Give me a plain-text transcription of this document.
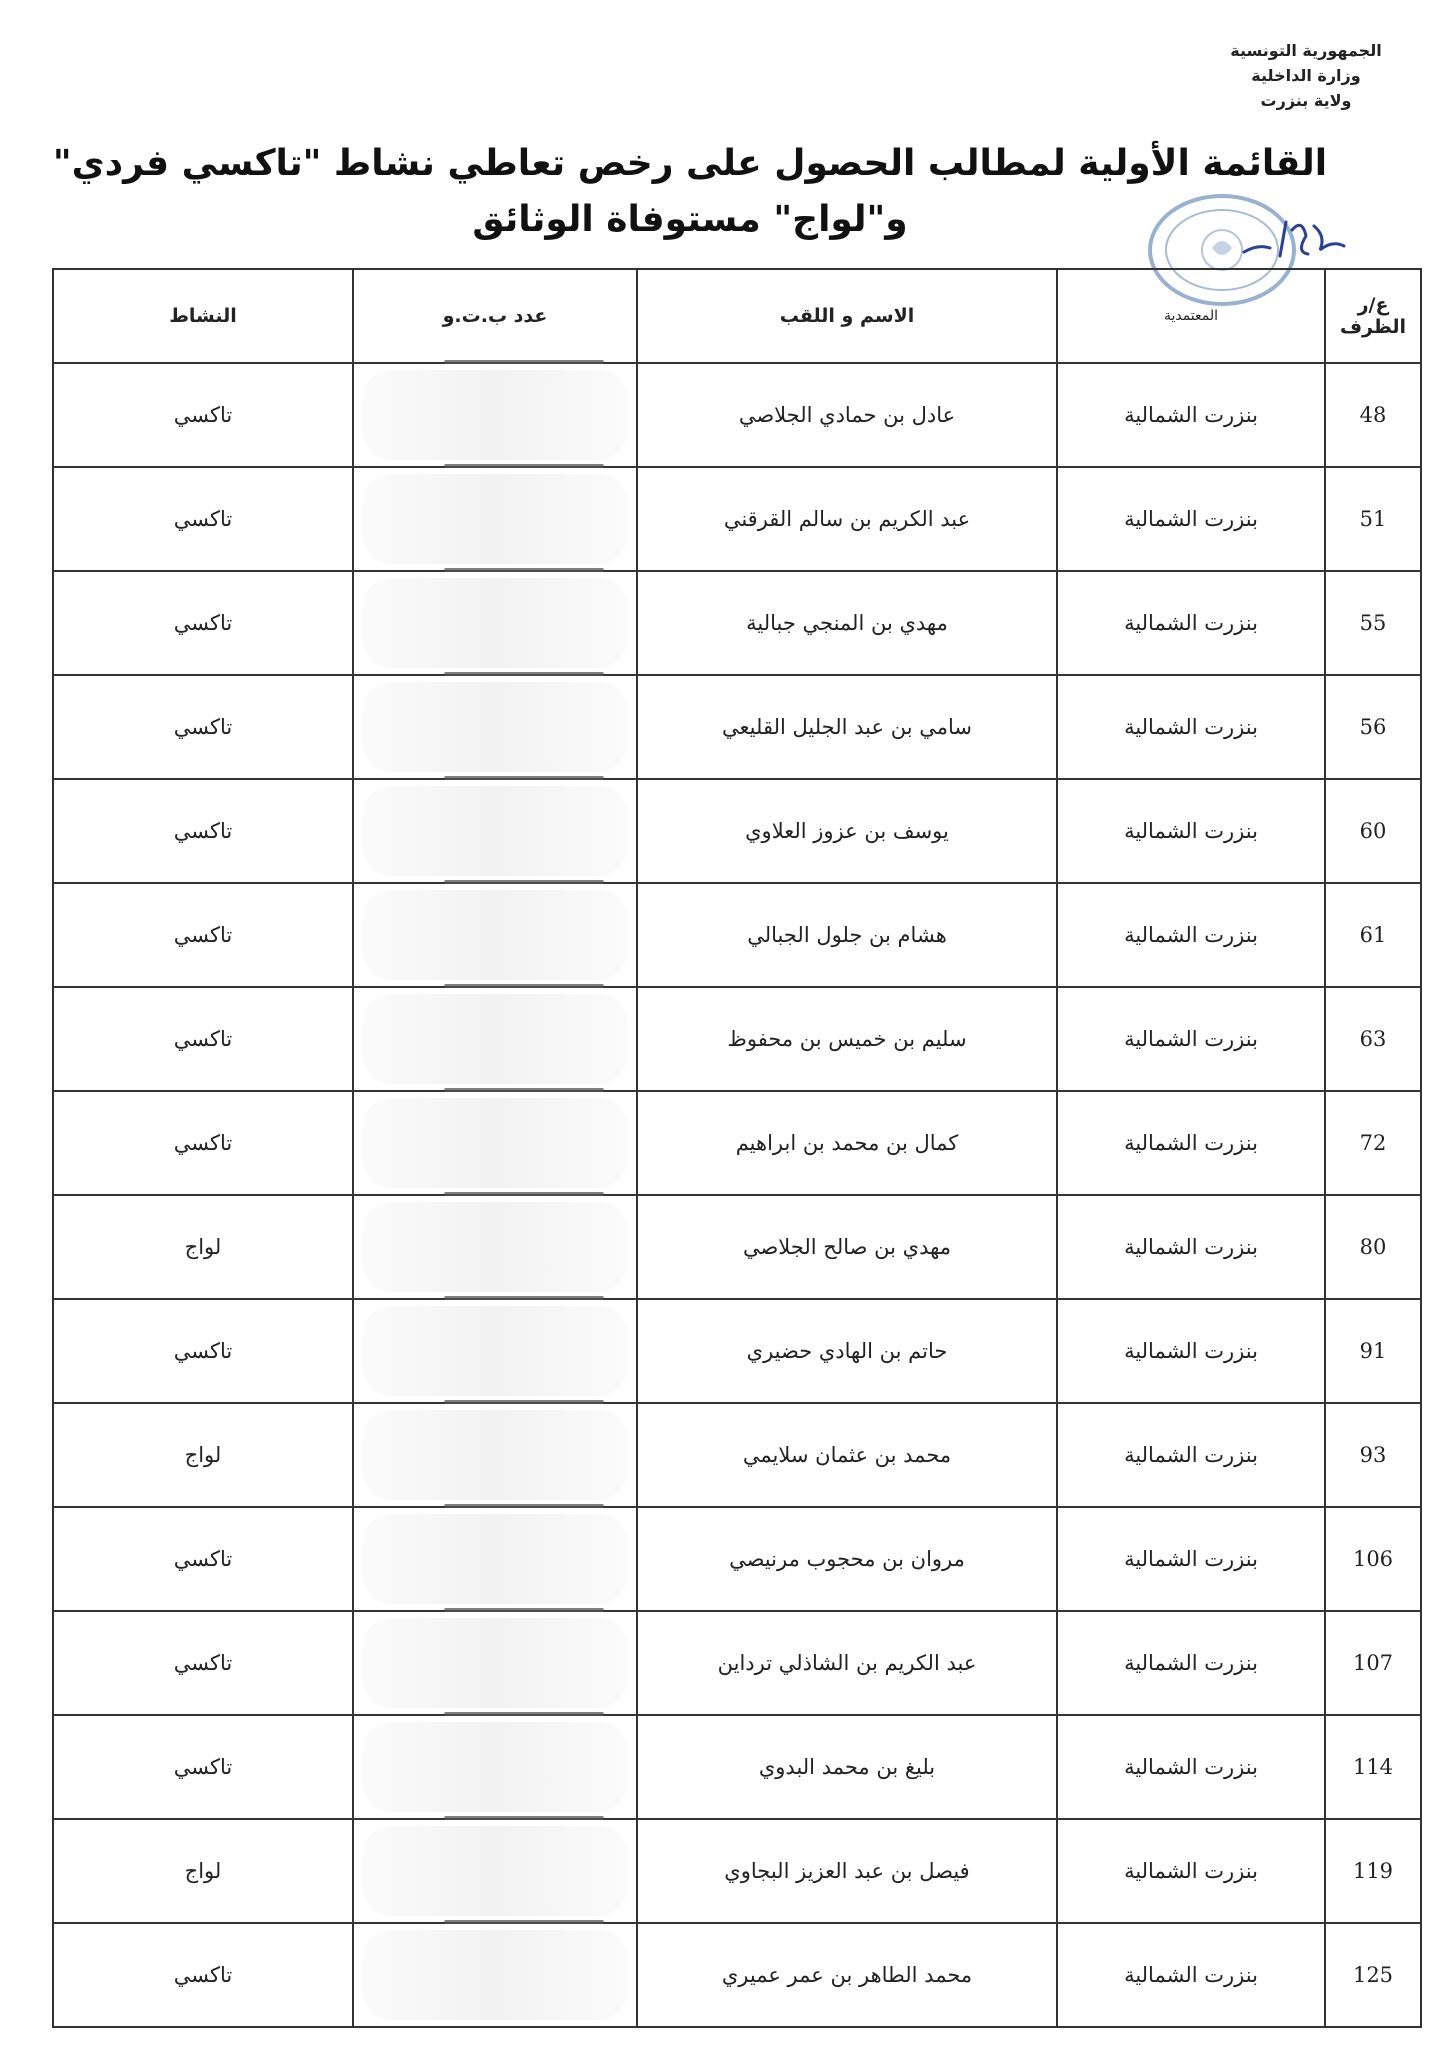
الجمهورية التونسية
وزارة الداخلية
ولاية بنزرت
القائمة الأولية لمطالب الحصول على رخص تعاطي نشاط "تاكسي فردي"
و"لواج" مستوفاة الوثائق
ع/ر الظرف	المعتمدية	الاسم و اللقب	عدد ب.ت.و	النشاط
48	بنزرت الشمالية	عادل بن حمادي الجلاصي		تاكسي
51	بنزرت الشمالية	عبد الكريم بن سالم القرقني		تاكسي
55	بنزرت الشمالية	مهدي بن المنجي جبالية		تاكسي
56	بنزرت الشمالية	سامي بن عبد الجليل القليعي		تاكسي
60	بنزرت الشمالية	يوسف بن عزوز العلاوي		تاكسي
61	بنزرت الشمالية	هشام بن جلول الجبالي		تاكسي
63	بنزرت الشمالية	سليم بن خميس بن محفوظ		تاكسي
72	بنزرت الشمالية	كمال بن محمد بن ابراهيم		تاكسي
80	بنزرت الشمالية	مهدي بن صالح الجلاصي		لواج
91	بنزرت الشمالية	حاتم بن الهادي حضيري		تاكسي
93	بنزرت الشمالية	محمد بن عثمان سلايمي		لواج
106	بنزرت الشمالية	مروان بن محجوب مرنيصي		تاكسي
107	بنزرت الشمالية	عبد الكريم بن الشاذلي ترداين		تاكسي
114	بنزرت الشمالية	بليغ بن محمد البدوي		تاكسي
119	بنزرت الشمالية	فيصل بن عبد العزيز البجاوي		لواج
125	بنزرت الشمالية	محمد الطاهر بن عمر عميري		تاكسي
